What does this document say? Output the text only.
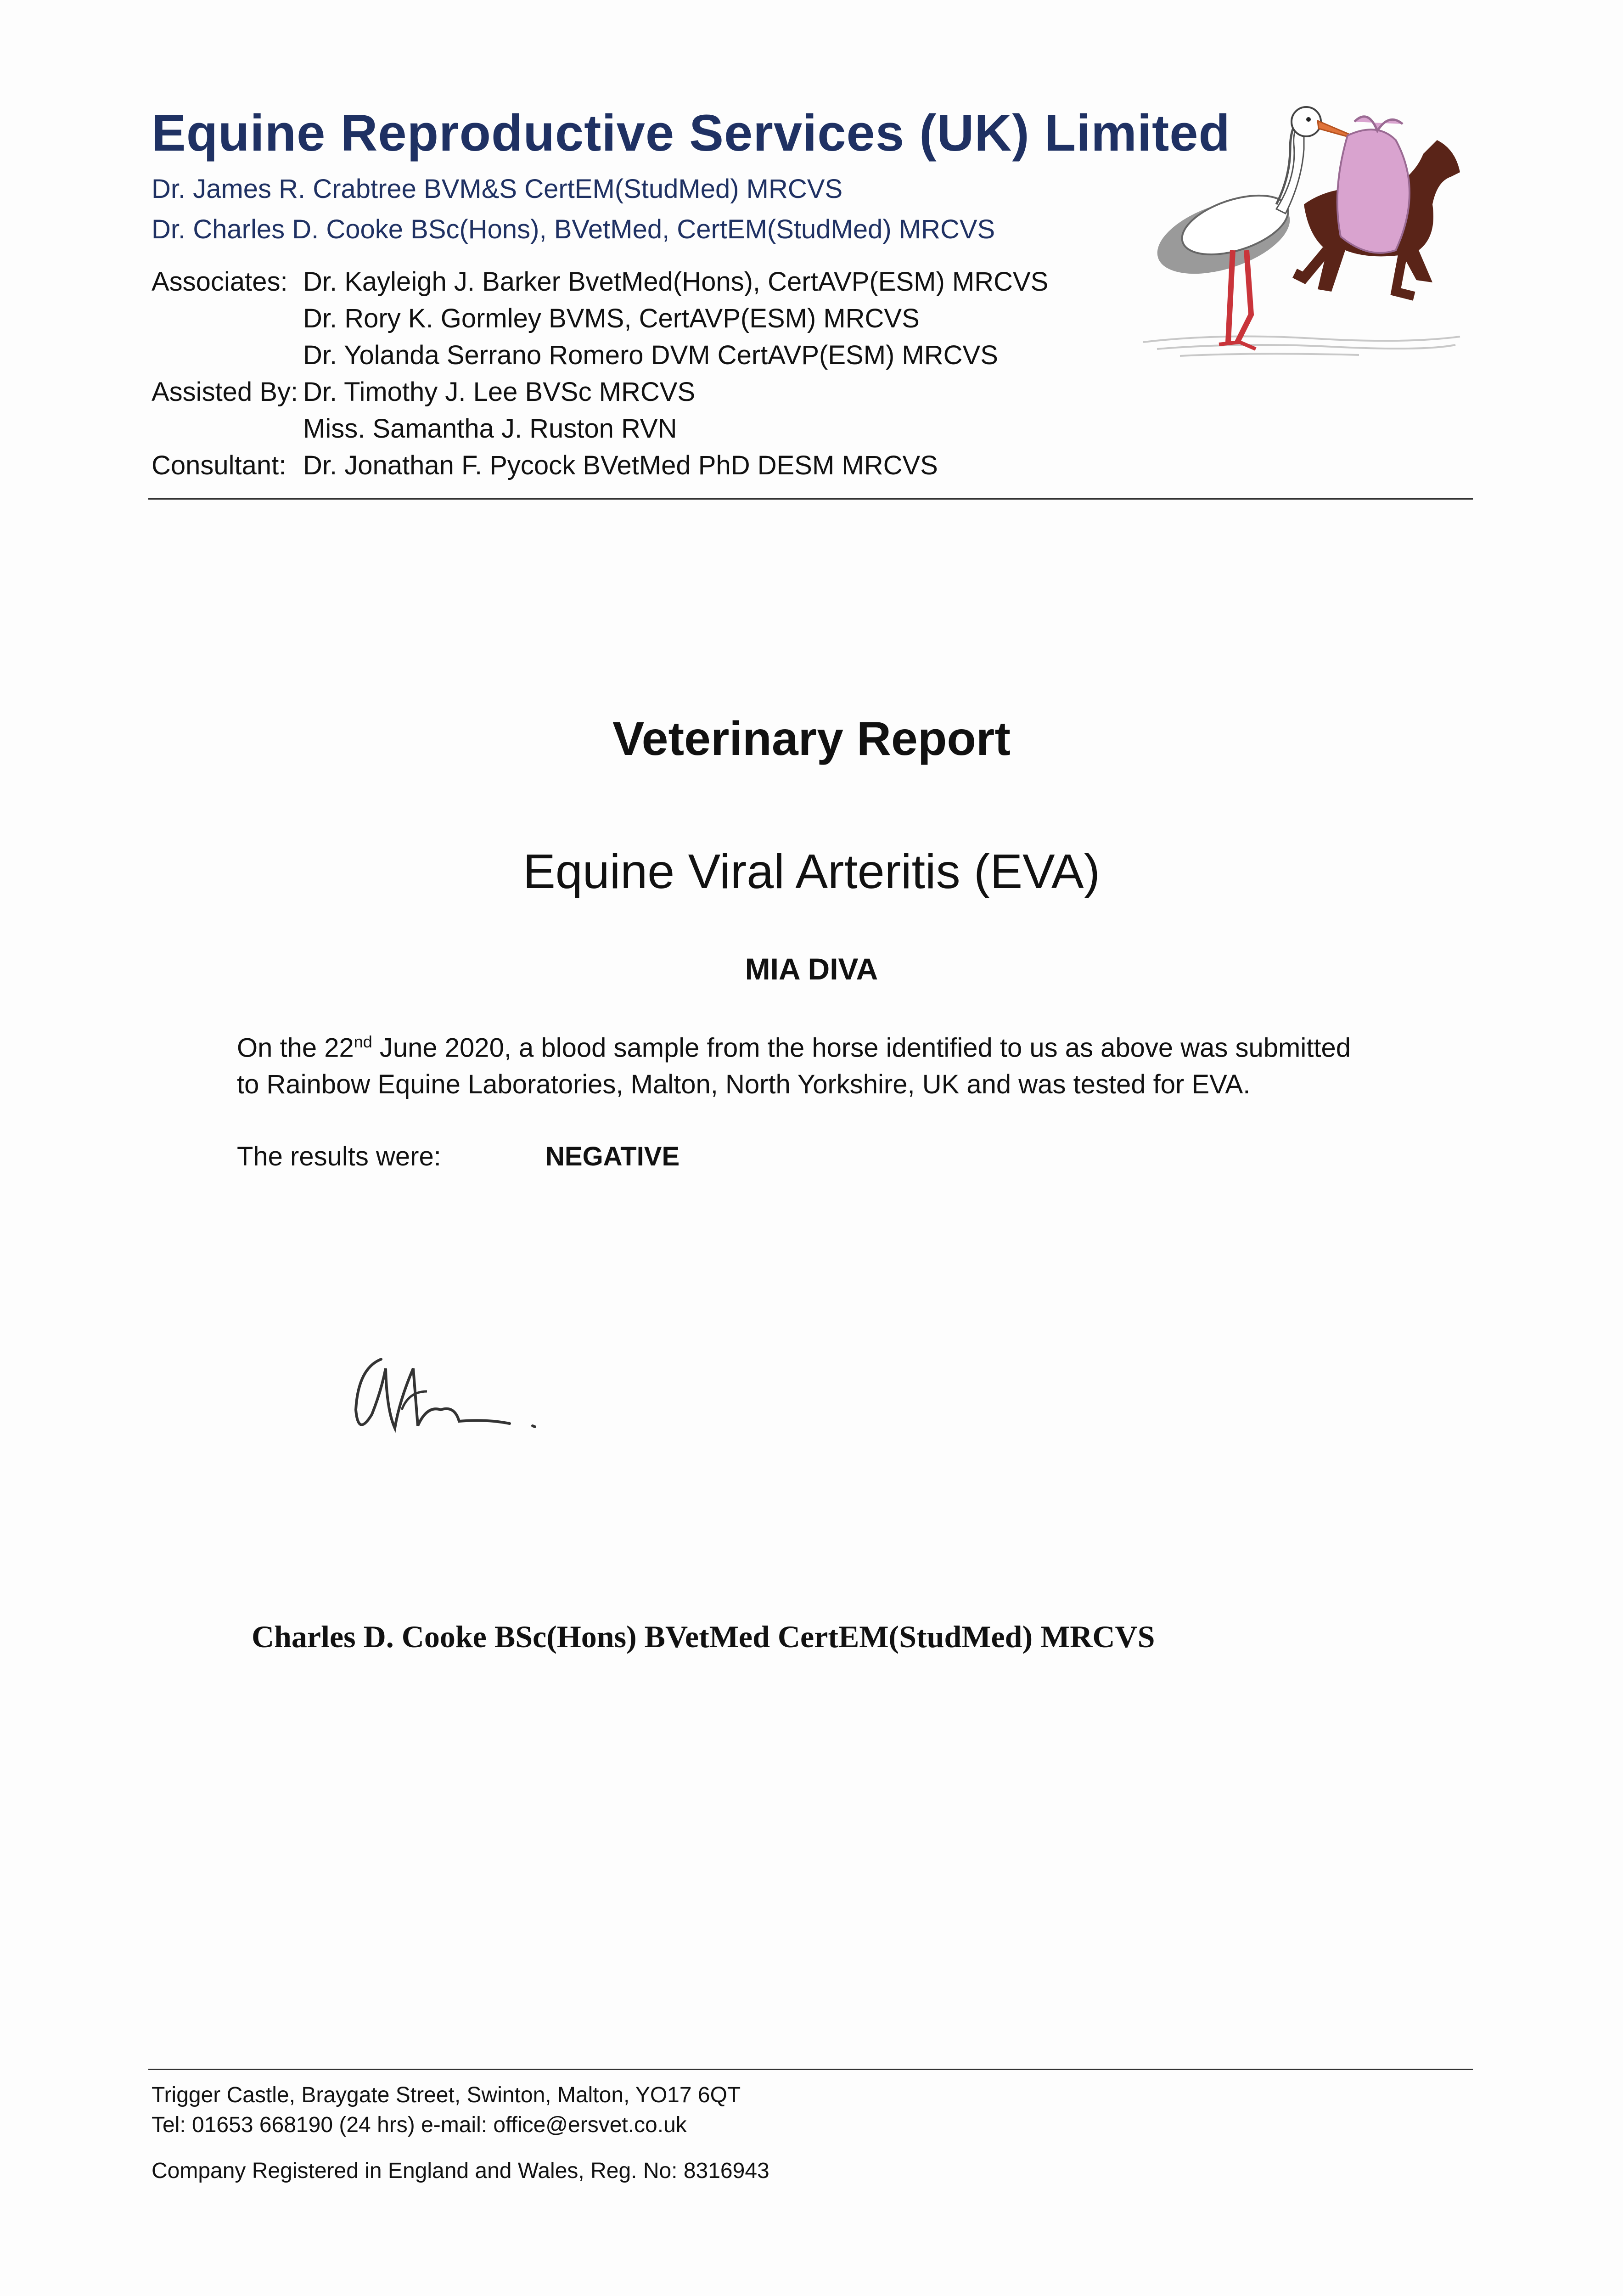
Equine Reproductive Services (UK) Limited
Dr. James R. Crabtree BVM&S CertEM(StudMed) MRCVS
Dr. Charles D. Cooke BSc(Hons), BVetMed, CertEM(StudMed) MRCVS
Associates: Dr. Kayleigh J. Barker BvetMed(Hons), CertAVP(ESM) MRCVS
Dr. Rory K. Gormley BVMS, CertAVP(ESM) MRCVS
Dr. Yolanda Serrano Romero DVM CertAVP(ESM) MRCVS
Assisted By: Dr. Timothy J. Lee BVSc MRCVS
Miss. Samantha J. Ruston RVN
Consultant: Dr. Jonathan F. Pycock BVetMed PhD DESM MRCVS
Veterinary Report
Equine Viral Arteritis (EVA)
MIA DIVA
On the 22nd June 2020, a blood sample from the horse identified to us as above was submitted
to Rainbow Equine Laboratories, Malton, North Yorkshire, UK and was tested for EVA.
The results were:	NEGATIVE
Charles D. Cooke BSc(Hons) BVetMed CertEM(StudMed) MRCVS
Trigger Castle, Braygate Street, Swinton, Malton, YO17 6QT
Tel: 01653 668190 (24 hrs) e-mail: office@ersvet.co.uk
Company Registered in England and Wales, Reg. No: 8316943
